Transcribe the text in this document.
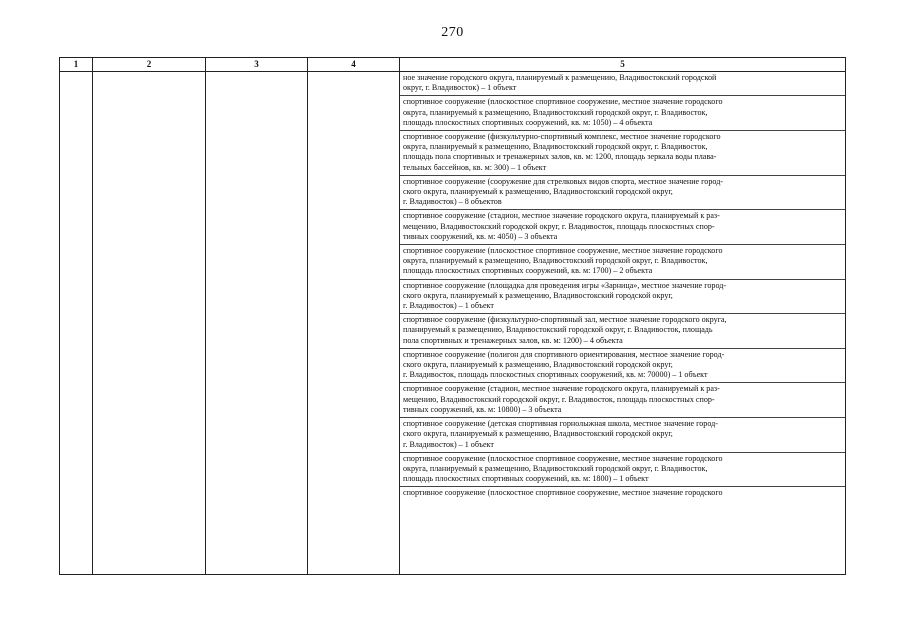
270
1	2	3	4	5
ное значение городского округа, планируемый к размещению, Владивостокский городской
округ, г. Владивосток) – 1 объект
спортивное сооружение (плоскостное спортивное сооружение, местное значение городского
округа, планируемый к размещению, Владивостокский городской округ, г. Владивосток,
площадь плоскостных спортивных сооружений, кв. м: 1050) – 4 объекта
спортивное сооружение (физкультурно-спортивный комплекс, местное значение городского
округа, планируемый к размещению, Владивостокский городской округ, г. Владивосток,
площадь пола спортивных и тренажерных залов, кв. м: 1200, площадь зеркала воды плава-
тельных бассейнов, кв. м: 300) – 1 объект
спортивное сооружение (сооружение для стрелковых видов спорта, местное значение город-
ского округа, планируемый к размещению, Владивостокский городской округ,
г. Владивосток) – 8 объектов
спортивное сооружение (стадион, местное значение городского округа, планируемый к раз-
мещению, Владивостокский городской округ, г. Владивосток, площадь плоскостных спор-
тивных сооружений, кв. м: 4050) – 3 объекта
спортивное сооружение (плоскостное спортивное сооружение, местное значение городского
округа, планируемый к размещению, Владивостокский городской округ, г. Владивосток,
площадь плоскостных спортивных сооружений, кв. м: 1700) – 2 объекта
спортивное сооружение (площадка для проведения игры «Зарница», местное значение город-
ского округа, планируемый к размещению, Владивостокский городской округ,
г. Владивосток) – 1 объект
спортивное сооружение (физкультурно-спортивный зал, местное значение городского округа,
планируемый к размещению, Владивостокский городской округ, г. Владивосток, площадь
пола спортивных и тренажерных залов, кв. м: 1200) – 4 объекта
спортивное сооружение (полигон для спортивного ориентирования, местное значение город-
ского округа, планируемый к размещению, Владивостокский городской округ,
г. Владивосток, площадь плоскостных спортивных сооружений, кв. м: 70000) – 1 объект
спортивное сооружение (стадион, местное значение городского округа, планируемый к раз-
мещению, Владивостокский городской округ, г. Владивосток, площадь плоскостных спор-
тивных сооружений, кв. м: 10800) – 3 объекта
спортивное сооружение (детская спортивная горнолыжная школа, местное значение город-
ского округа, планируемый к размещению, Владивостокский городской округ,
г. Владивосток) – 1 объект
спортивное сооружение (плоскостное спортивное сооружение, местное значение городского
округа, планируемый к размещению, Владивостокский городской округ, г. Владивосток,
площадь плоскостных спортивных сооружений, кв. м: 1800) – 1 объект
спортивное сооружение (плоскостное спортивное сооружение, местное значение городского
